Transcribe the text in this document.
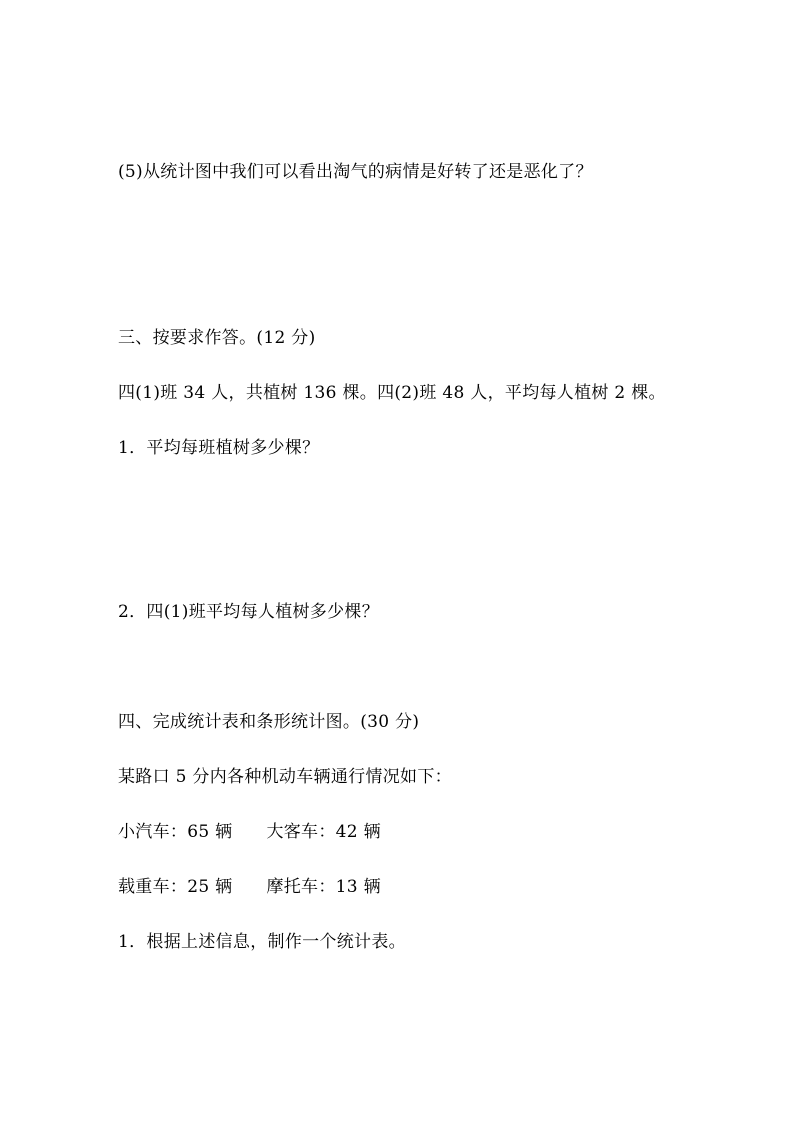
(5)从统计图中我们可以看出淘气的病情是好转了还是恶化了？
三、按要求作答。(12 分)
四(1)班 34 人，共植树 136 棵。四(2)班 48 人，平均每人植树 2 棵。
1．平均每班植树多少棵？
2．四(1)班平均每人植树多少棵？
四、完成统计表和条形统计图。(30 分)
某路口 5 分内各种机动车辆通行情况如下：
小汽车：65 辆 大客车：42 辆
载重车：25 辆 摩托车：13 辆
1．根据上述信息，制作一个统计表。
